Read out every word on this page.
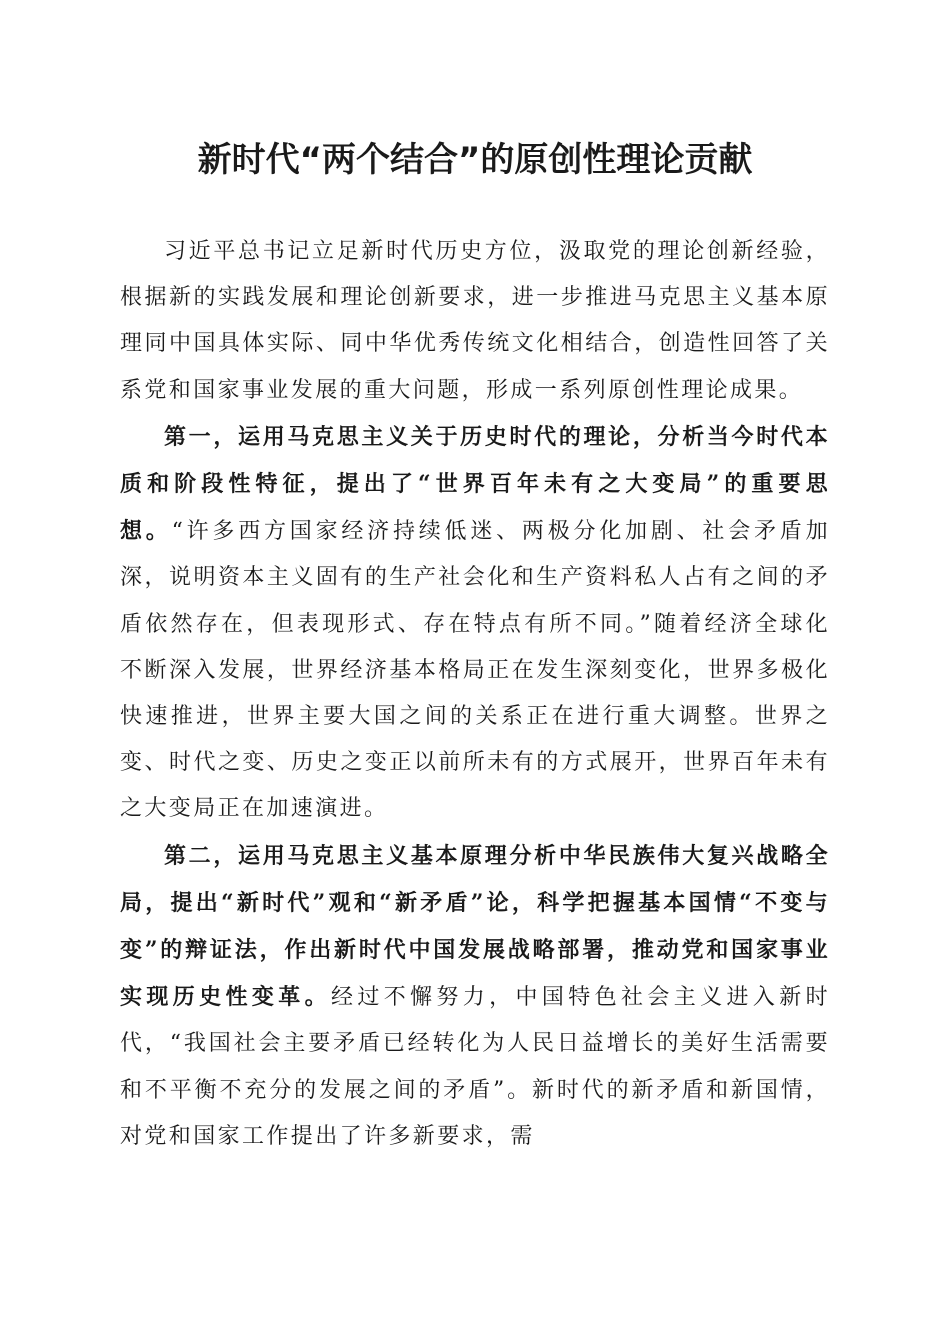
新时代“两个结合”的原创性理论贡献

习近平总书记立足新时代历史方位，汲取党的理论创新经验，根据新的实践发展和理论创新要求，进一步推进马克思主义基本原理同中国具体实际、同中华优秀传统文化相结合，创造性回答了关系党和国家事业发展的重大问题，形成一系列原创性理论成果。

第一，运用马克思主义关于历史时代的理论，分析当今时代本质和阶段性特征，提出了“世界百年未有之大变局”的重要思想。“许多西方国家经济持续低迷、两极分化加剧、社会矛盾加深，说明资本主义固有的生产社会化和生产资料私人占有之间的矛盾依然存在，但表现形式、存在特点有所不同。”随着经济全球化不断深入发展，世界经济基本格局正在发生深刻变化，世界多极化快速推进，世界主要大国之间的关系正在进行重大调整。世界之变、时代之变、历史之变正以前所未有的方式展开，世界百年未有之大变局正在加速演进。

第二，运用马克思主义基本原理分析中华民族伟大复兴战略全局，提出“新时代”观和“新矛盾”论，科学把握基本国情“不变与变”的辩证法，作出新时代中国发展战略部署，推动党和国家事业实现历史性变革。经过不懈努力，中国特色社会主义进入新时代，“我国社会主要矛盾已经转化为人民日益增长的美好生活需要和不平衡不充分的发展之间的矛盾”。新时代的新矛盾和新国情，对党和国家工作提出了许多新要求，需
